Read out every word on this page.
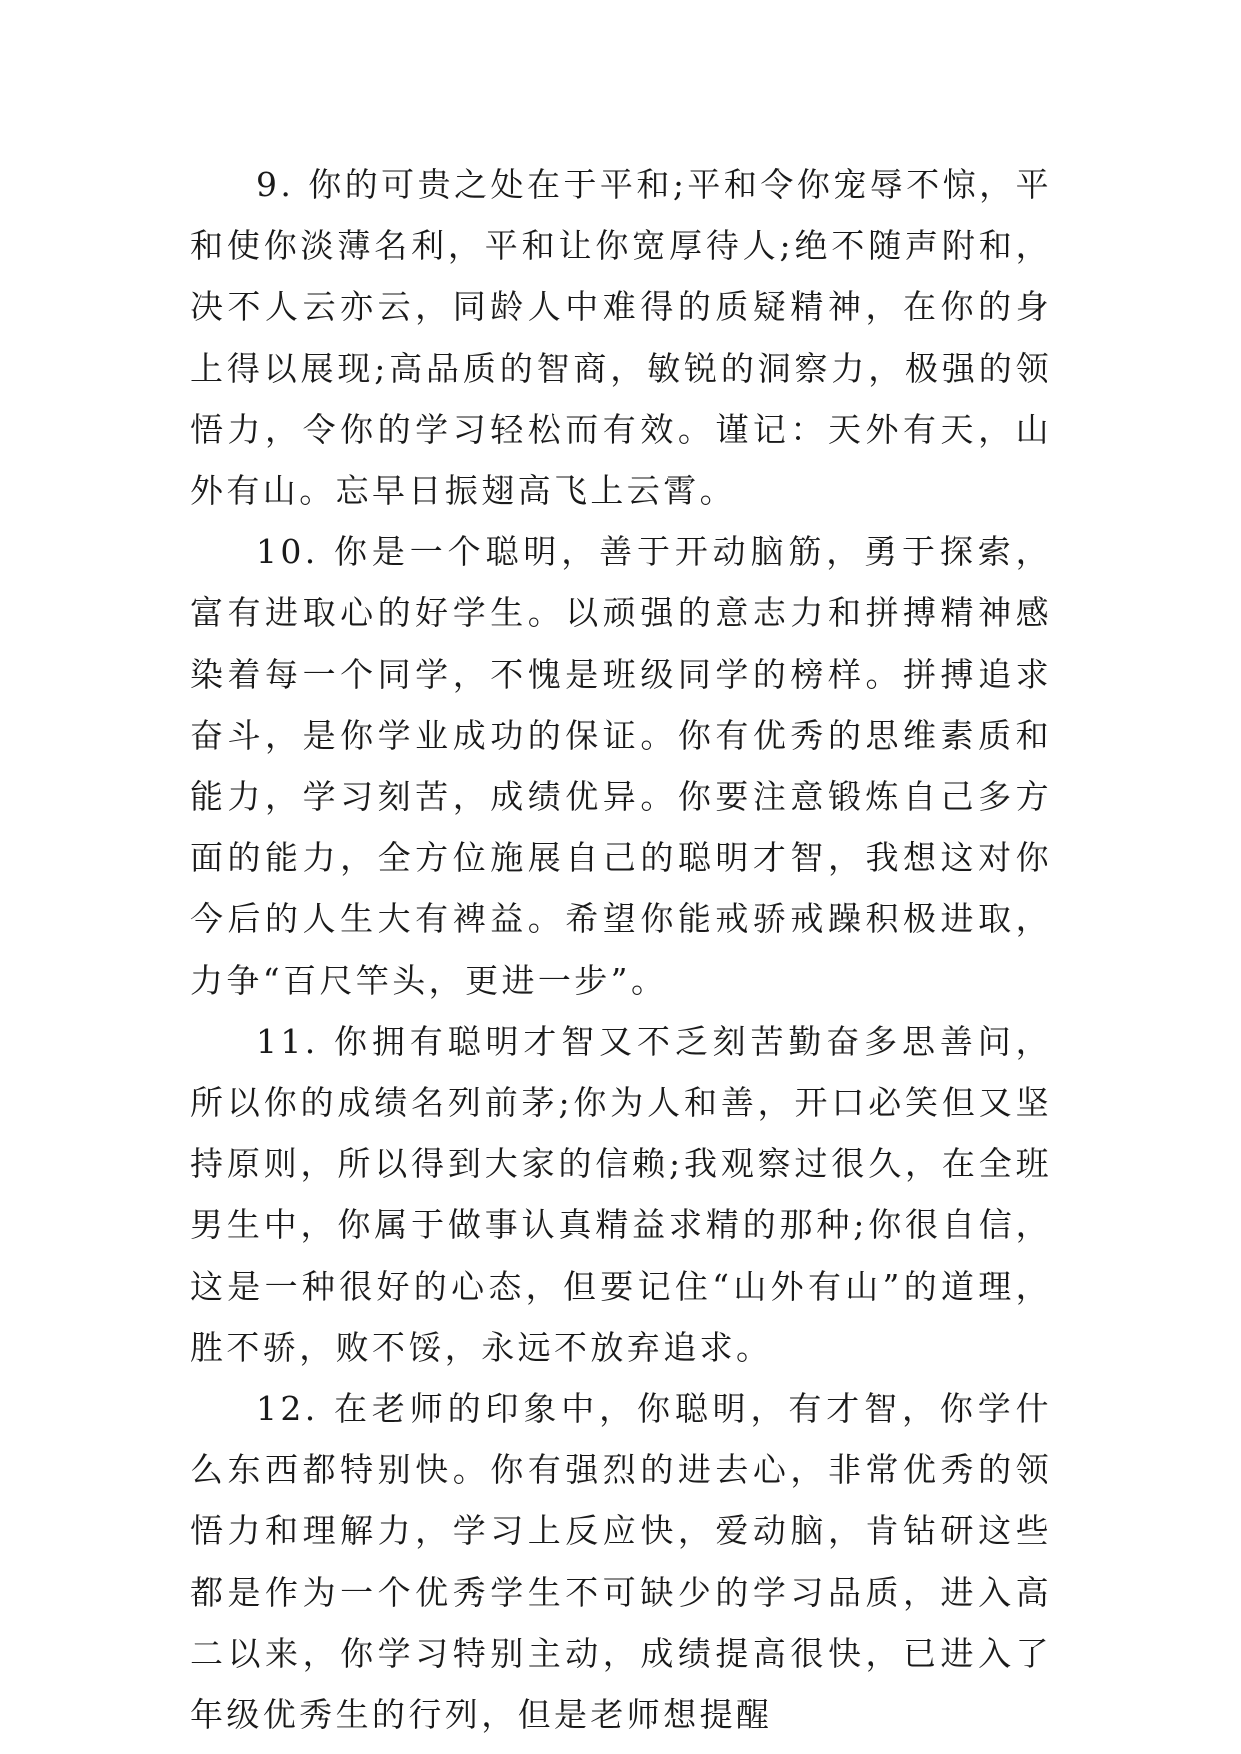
9. 你的可贵之处在于平和;平和令你宠辱不惊，平和使你淡薄名利，平和让你宽厚待人;绝不随声附和，决不人云亦云，同龄人中难得的质疑精神，在你的身上得以展现;高品质的智商，敏锐的洞察力，极强的领悟力，令你的学习轻松而有效。谨记：天外有天，山外有山。忘早日振翅高飞上云霄。

10. 你是一个聪明，善于开动脑筋，勇于探索，富有进取心的好学生。以顽强的意志力和拼搏精神感染着每一个同学，不愧是班级同学的榜样。拼搏追求奋斗，是你学业成功的保证。你有优秀的思维素质和能力，学习刻苦，成绩优异。你要注意锻炼自己多方面的能力，全方位施展自己的聪明才智，我想这对你今后的人生大有裨益。希望你能戒骄戒躁积极进取，力争“百尺竿头，更进一步”。

11. 你拥有聪明才智又不乏刻苦勤奋多思善问，所以你的成绩名列前茅;你为人和善，开口必笑但又坚持原则，所以得到大家的信赖;我观察过很久，在全班男生中，你属于做事认真精益求精的那种;你很自信，这是一种很好的心态，但要记住“山外有山”的道理，胜不骄，败不馁，永远不放弃追求。

12. 在老师的印象中，你聪明，有才智，你学什么东西都特别快。你有强烈的进去心，非常优秀的领悟力和理解力，学习上反应快，爱动脑，肯钻研这些都是作为一个优秀学生不可缺少的学习品质，进入高二以来，你学习特别主动，成绩提高很快，已进入了年级优秀生的行列，但是老师想提醒
